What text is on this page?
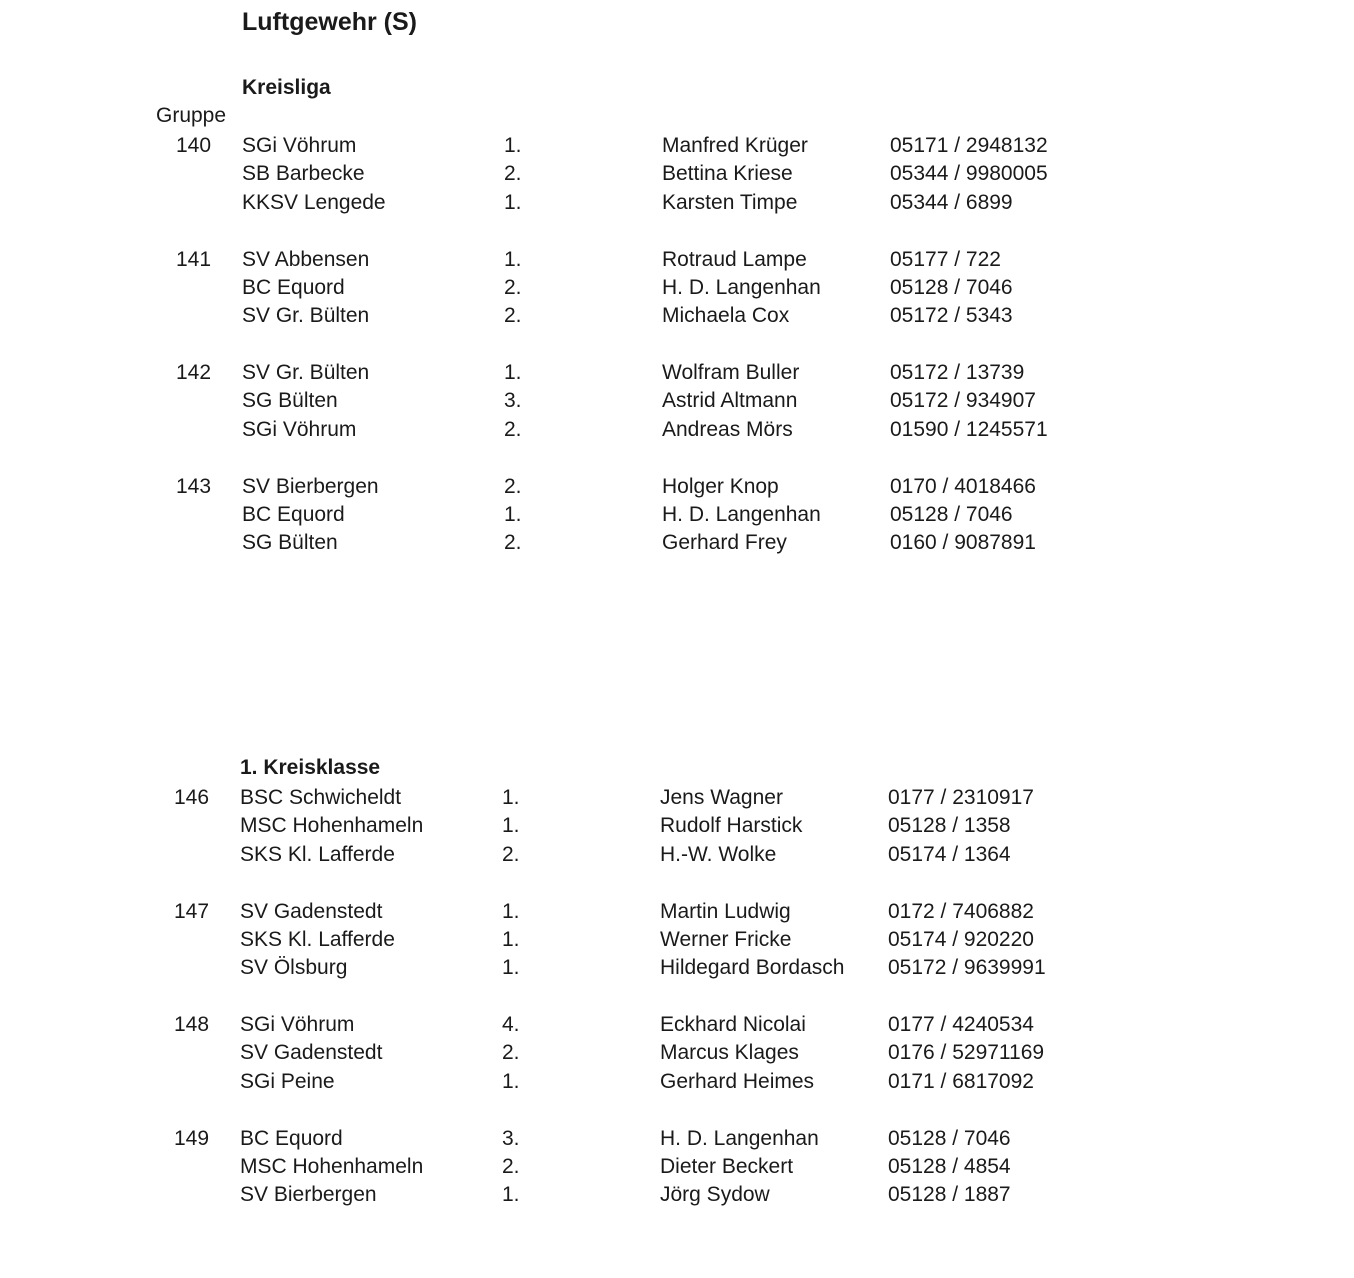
Luftgewehr (S)
Kreisliga
Gruppe
140 SGi Vöhrum	1.	Manfred Krüger	05171 / 2948132
SB Barbecke	2.	Bettina Kriese	05344 / 9980005
KKSV Lengede	1.	Karsten Timpe	05344 / 6899
141 SV Abbensen	1.	Rotraud Lampe	05177 / 722
BC Equord	2.	H. D. Langenhan	05128 / 7046
SV Gr. Bülten	2.	Michaela Cox	05172 / 5343
142 SV Gr. Bülten	1.	Wolfram Buller	05172 / 13739
SG Bülten	3.	Astrid Altmann	05172 / 934907
SGi Vöhrum	2.	Andreas Mörs	01590 / 1245571
143 SV Bierbergen	2.	Holger Knop	0170 / 4018466
BC Equord	1.	H. D. Langenhan	05128 / 7046
SG Bülten	2.	Gerhard Frey	0160 / 9087891
1. Kreisklasse
146 BSC Schwicheldt	1.	Jens Wagner	0177 / 2310917
MSC Hohenhameln	1.	Rudolf Harstick	05128 / 1358
SKS Kl. Lafferde	2.	H.-W. Wolke	05174 / 1364
147 SV Gadenstedt	1.	Martin Ludwig	0172 / 7406882
SKS Kl. Lafferde	1.	Werner Fricke	05174 / 920220
SV Ölsburg	1.	Hildegard Bordasch 05172 / 9639991
148 SGi Vöhrum	4.	Eckhard Nicolai	0177 / 4240534
SV Gadenstedt	2.	Marcus Klages	0176 / 52971169
SGi Peine	1.	Gerhard Heimes	0171 / 6817092
149 BC Equord	3.	H. D. Langenhan	05128 / 7046
MSC Hohenhameln	2.	Dieter Beckert	05128 / 4854
SV Bierbergen	1.	Jörg Sydow	05128 / 1887
